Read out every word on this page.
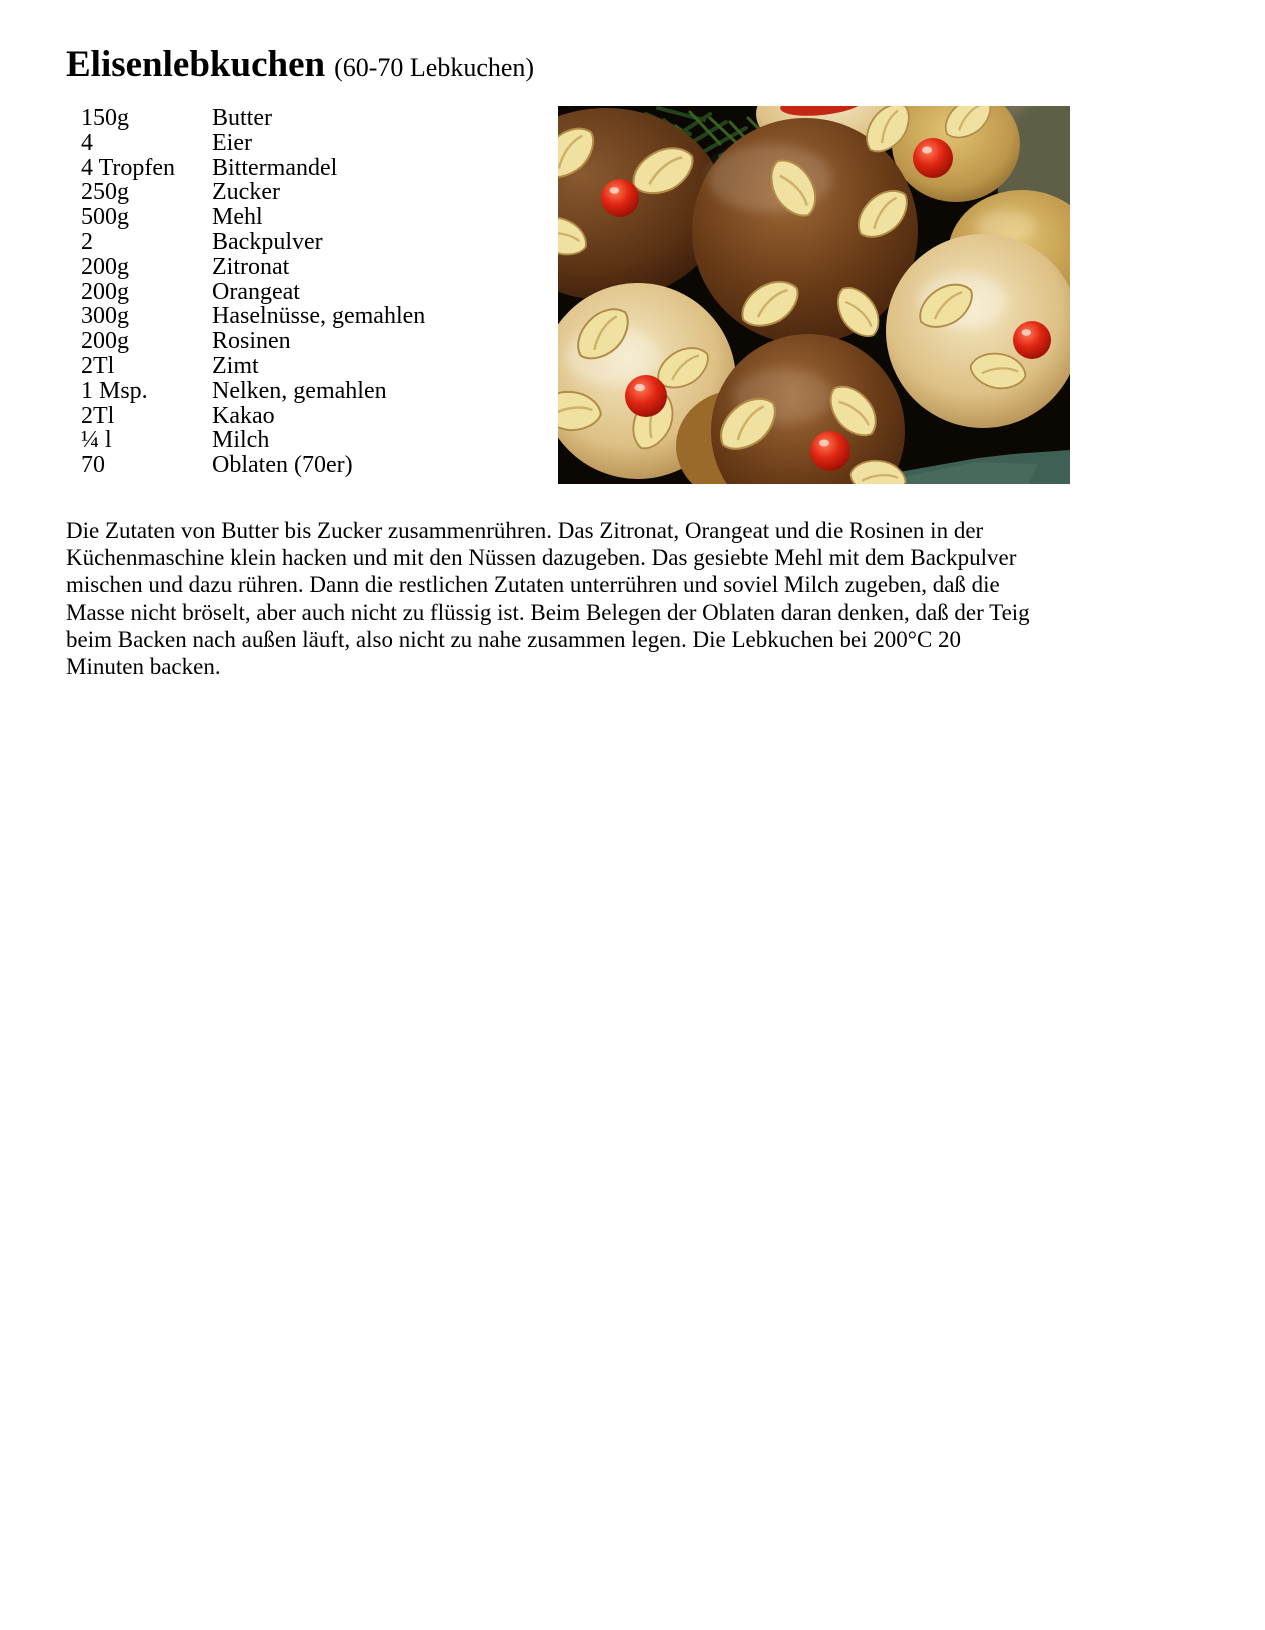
Elisenlebkuchen (60-70 Lebkuchen)
150g	Butter
4	Eier
4 Tropfen	Bittermandel
250g	Zucker
500g	Mehl
2	Backpulver
200g	Zitronat
200g	Orangeat
300g	Haselnüsse, gemahlen
200g	Rosinen
2Tl	Zimt
1 Msp.	Nelken, gemahlen
2Tl	Kakao
¼ l	Milch
70	Oblaten (70er)
Die Zutaten von Butter bis Zucker zusammenrühren. Das Zitronat, Orangeat und die Rosinen in der
Küchenmaschine klein hacken und mit den Nüssen dazugeben. Das gesiebte Mehl mit dem Backpulver
mischen und dazu rühren. Dann die restlichen Zutaten unterrühren und soviel Milch zugeben, daß die
Masse nicht bröselt, aber auch nicht zu flüssig ist. Beim Belegen der Oblaten daran denken, daß der Teig
beim Backen nach außen läuft, also nicht zu nahe zusammen legen. Die Lebkuchen bei 200°C 20
Minuten backen.
